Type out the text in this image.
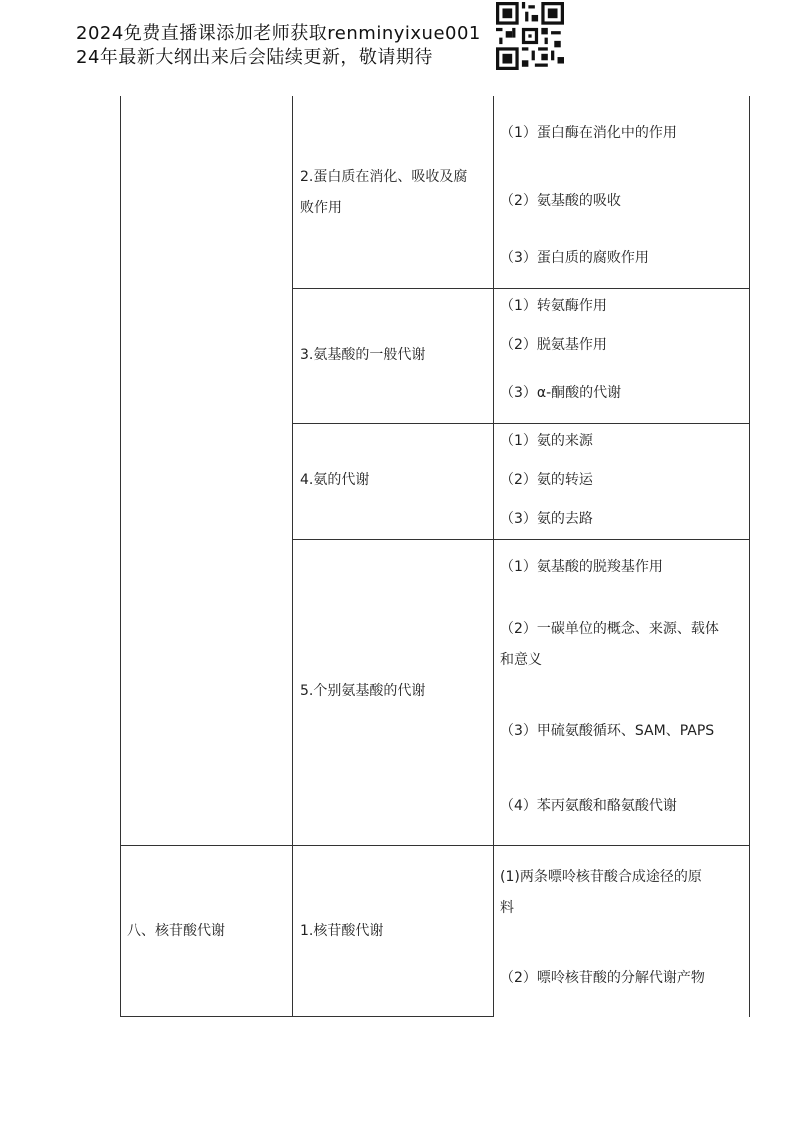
2024免费直播课添加老师获取renminyixue001
24年最新大纲出来后会陆续更新，敬请期待
2.蛋白质在消化、吸收及腐
败作用
（1）蛋白酶在消化中的作用
（2）氨基酸的吸收
（3）蛋白质的腐败作用
3.氨基酸的一般代谢
（1）转氨酶作用
（2）脱氨基作用
（3）α-酮酸的代谢
4.氨的代谢
（1）氨的来源
（2）氨的转运
（3）氨的去路
5.个别氨基酸的代谢
（1）氨基酸的脱羧基作用
（2）一碳单位的概念、来源、载体
和意义
（3）甲硫氨酸循环、SAM、PAPS
（4）苯丙氨酸和酪氨酸代谢
八、核苷酸代谢	1.核苷酸代谢
(1)两条嘌呤核苷酸合成途径的原
料
（2）嘌呤核苷酸的分解代谢产物
